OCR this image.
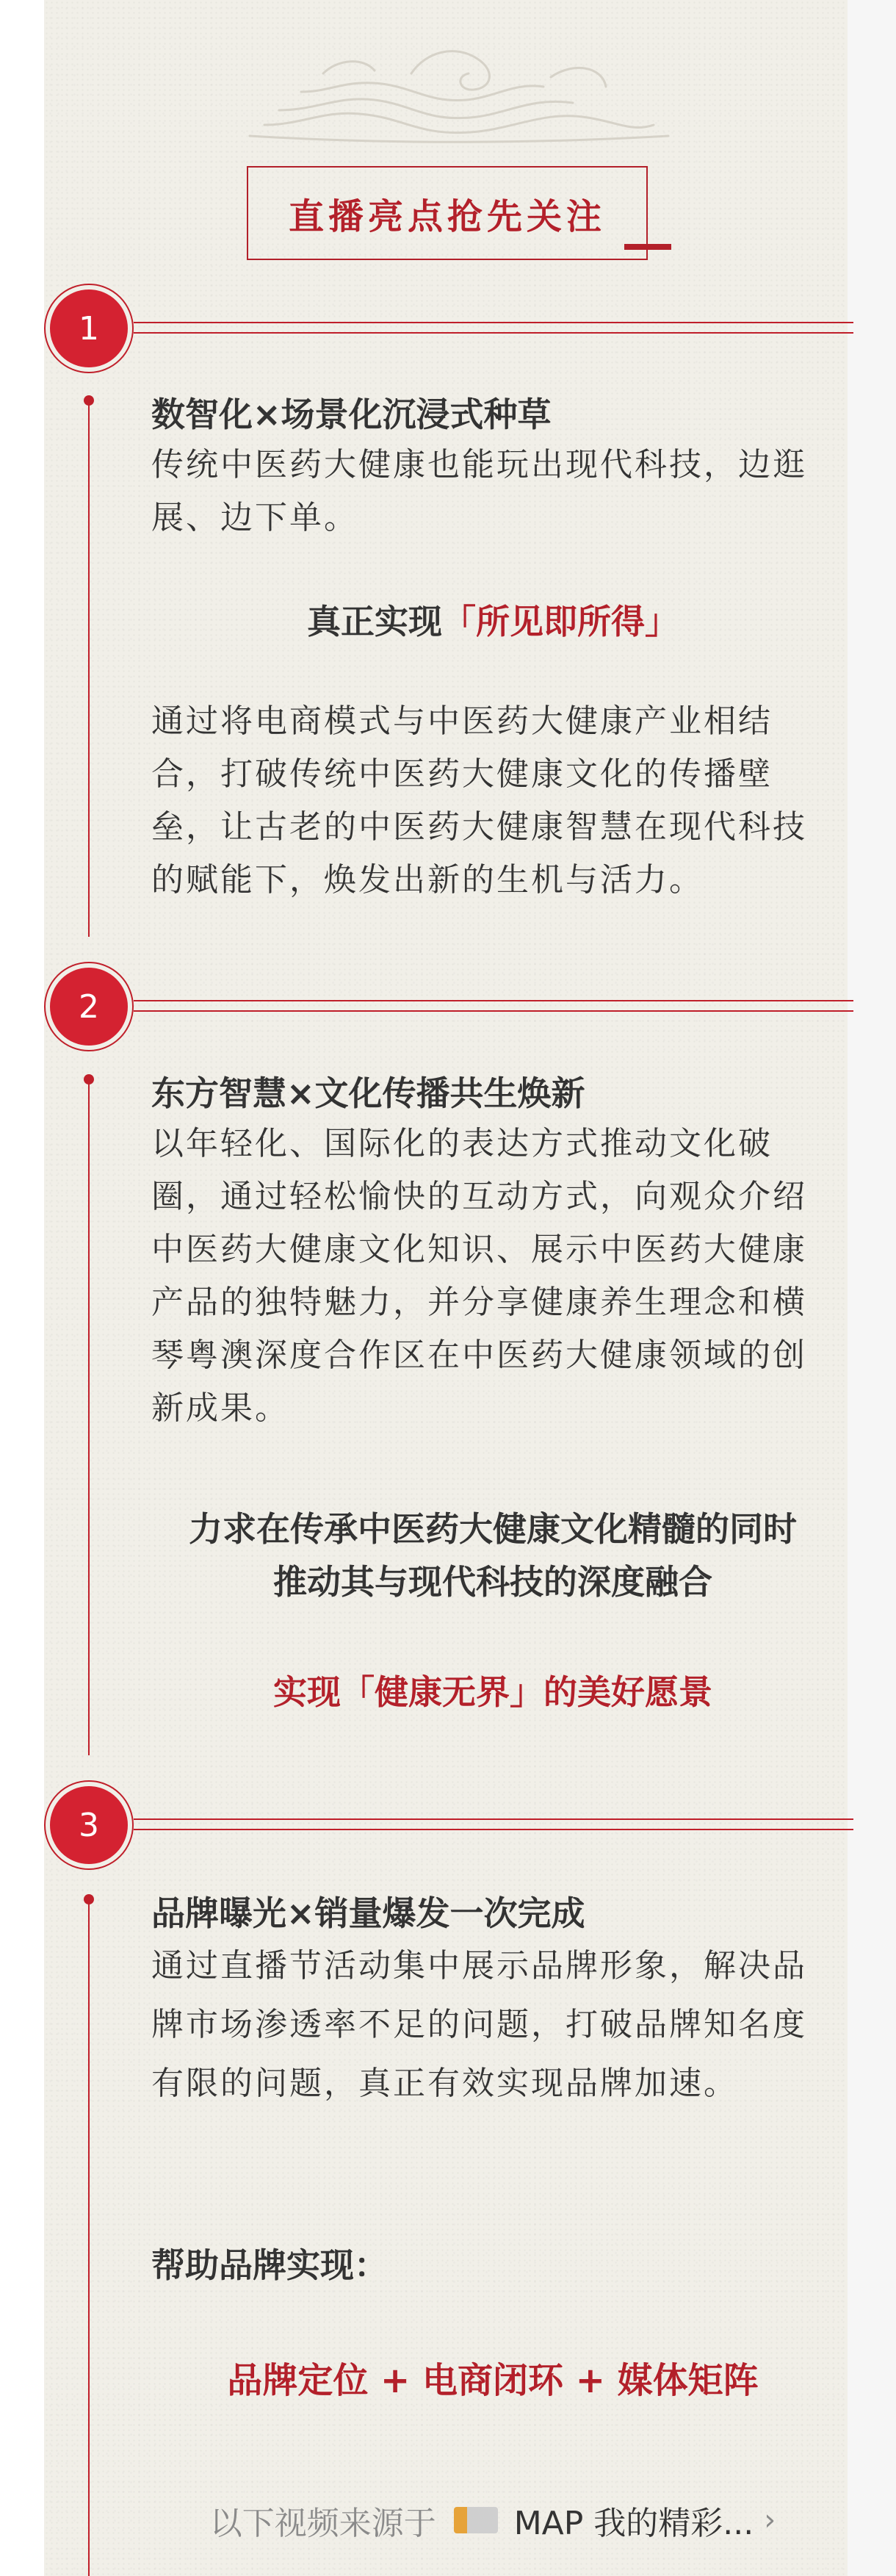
直播亮点抢先关注
1
数智化×场景化沉浸式种草
传统中医药大健康也能玩出现代科技，边逛展、边下单。
真正实现「所见即所得」
通过将电商模式与中医药大健康产业相结合，打破传统中医药大健康文化的传播壁垒，让古老的中医药大健康智慧在现代科技的赋能下，焕发出新的生机与活力。
2
东方智慧×文化传播共生焕新
以年轻化、国际化的表达方式推动文化破圈，通过轻松愉快的互动方式，向观众介绍中医药大健康文化知识、展示中医药大健康产品的独特魅力，并分享健康养生理念和横琴粤澳深度合作区在中医药大健康领域的创新成果。
力求在传承中医药大健康文化精髓的同时
推动其与现代科技的深度融合
实现「健康无界」的美好愿景
3
品牌曝光×销量爆发一次完成
通过直播节活动集中展示品牌形象，解决品牌市场渗透率不足的问题，打破品牌知名度有限的问题，真正有效实现品牌加速。
帮助品牌实现：
品牌定位 + 电商闭环 + 媒体矩阵
以下视频来源于 MAP 我的精彩... ›
